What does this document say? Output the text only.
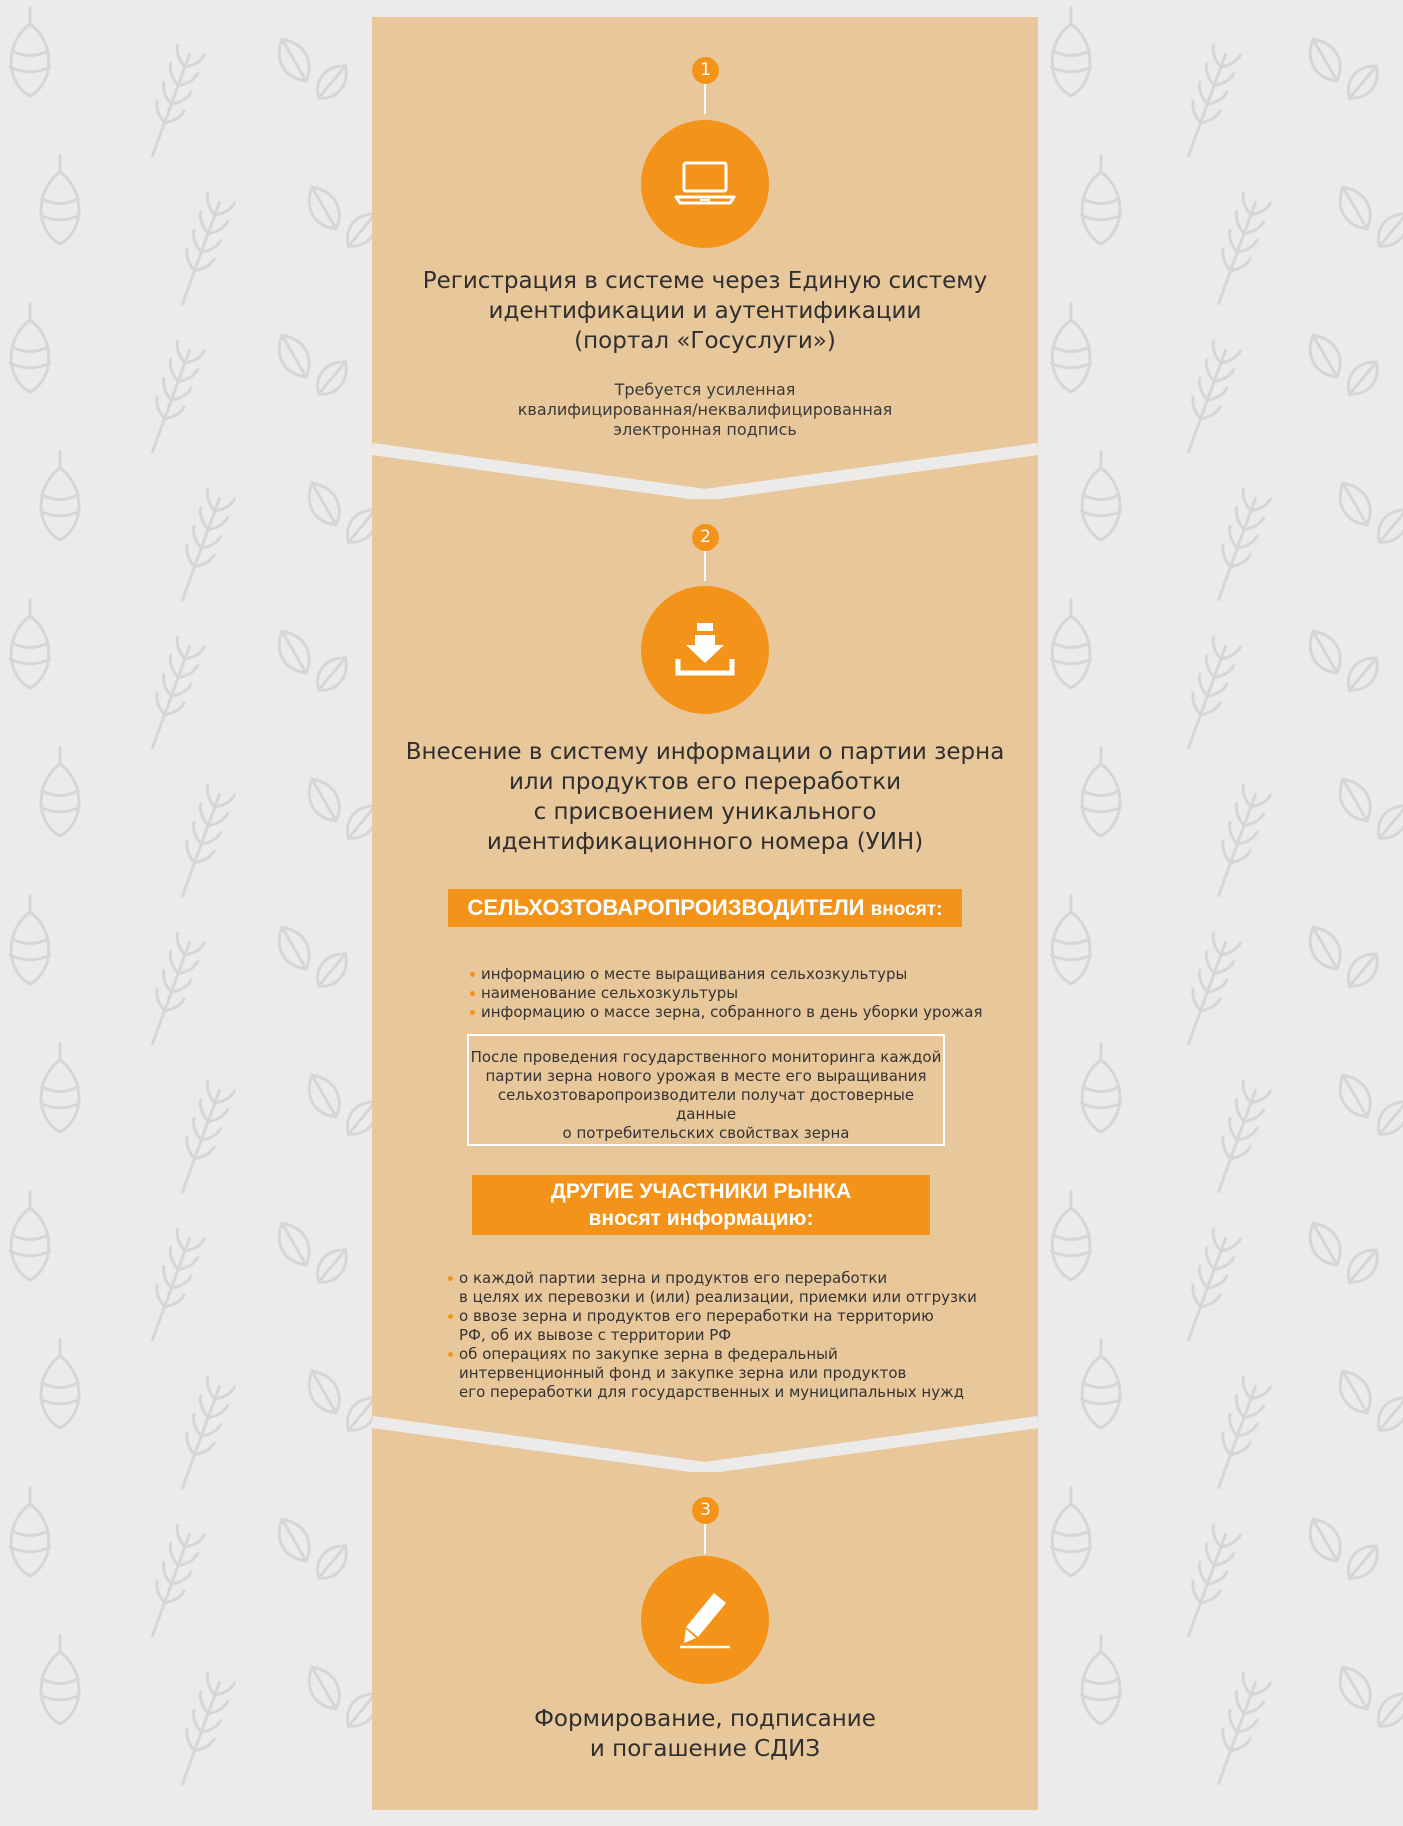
1

Регистрация в системе через Единую систему
идентификации и аутентификации
(портал «Госуслуги»)

Требуется усиленная
квалифицированная/неквалифицированная
электронная подпись
2

Внесение в систему информации о партии зерна
или продуктов его переработки
с присвоением уникального
идентификационного номера (УИН)

СЕЛЬХОЗТОВАРОПРОИЗВОДИТЕЛИ вносят:
информацию о месте выращивания сельхозкультуры
наименование сельхозкультуры
информацию о массе зерна, собранного в день уборки урожая
После проведения государственного мониторинга каждой
партии зерна нового урожая в месте его выращивания
сельхозтоваропроизводители получат достоверные данные
о потребительских свойствах зерна
ДРУГИЕ УЧАСТНИКИ РЫНКА
вносят информацию:
о каждой партии зерна и продуктов его переработки
в целях их перевозки и (или) реализации, приемки или отгрузки
о ввозе зерна и продуктов его переработки на территорию
РФ, об их вывозе с территории РФ
об операциях по закупке зерна в федеральный
интервенционный фонд и закупке зерна или продуктов
его переработки для государственных и муниципальных нужд
3

Формирование, подписание
и погашение СДИЗ
